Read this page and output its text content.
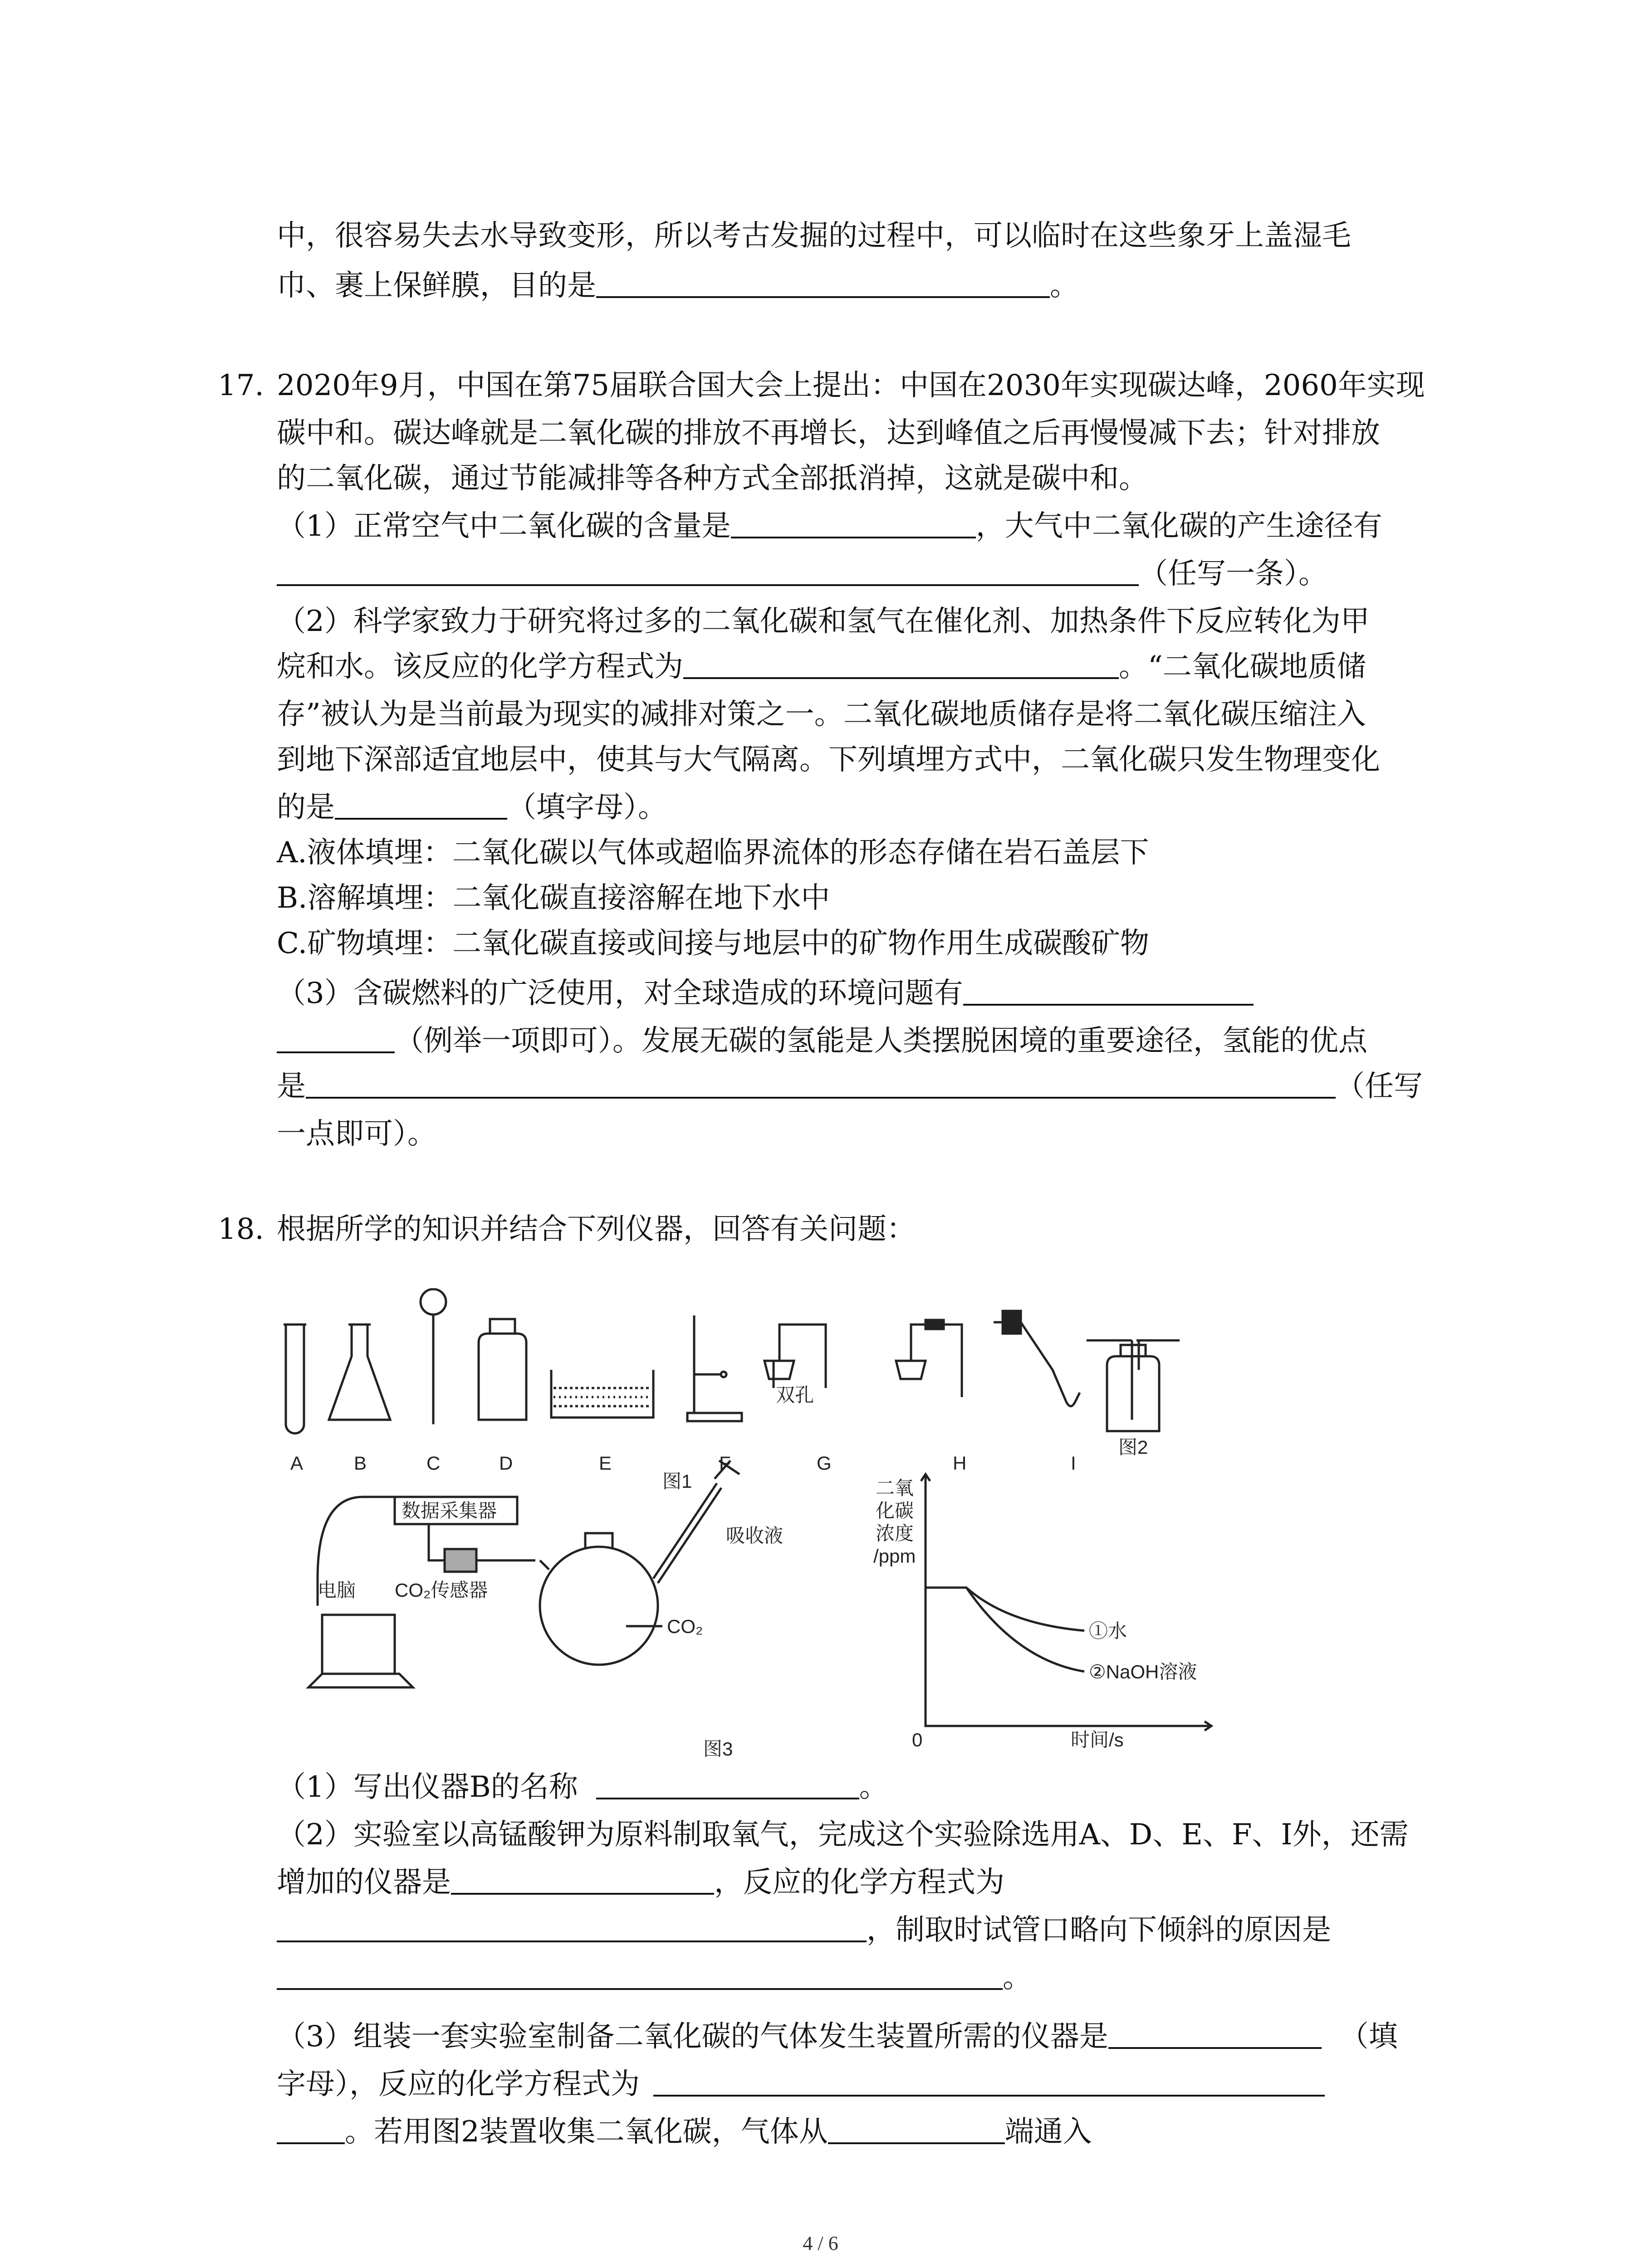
中，很容易失去水导致变形，所以考古发掘的过程中，可以临时在这些象牙上盖湿毛
巾、裹上保鲜膜，目的是	。
17. 2020年9月，中国在第75届联合国大会上提出：中国在2030年实现碳达峰，2060年实现
碳中和。碳达峰就是二氧化碳的排放不再增长，达到峰值之后再慢慢减下去；针对排放
的二氧化碳，通过节能减排等各种方式全部抵消掉，这就是碳中和。
（1）正常空气中二氧化碳的含量是	，大气中二氧化碳的产生途径有
（任写一条）。
（2）科学家致力于研究将过多的二氧化碳和氢气在催化剂、加热条件下反应转化为甲
烷和水。该反应的化学方程式为	。“二氧化碳地质储
存”被认为是当前最为现实的减排对策之一。二氧化碳地质储存是将二氧化碳压缩注入
到地下深部适宜地层中，使其与大气隔离。下列填埋方式中，二氧化碳只发生物理变化
的是	（填字母）。
A.液体填埋：二氧化碳以气体或超临界流体的形态存储在岩石盖层下
B.溶解填埋：二氧化碳直接溶解在地下水中
C.矿物填埋：二氧化碳直接或间接与地层中的矿物作用生成碳酸矿物
（3）含碳燃料的广泛使用，对全球造成的环境问题有
（例举一项即可）。发展无碳的氢能是人类摆脱困境的重要途径，氢能的优点
是	（任写
一点即可）。
18. 根据所学的知识并结合下列仪器，回答有关问题：
A	B	C	D	E	F	G	H	I
双孔
图2
图1
数据采集器
吸收液
电脑 CO₂传感器
CO₂
图3
二氧
化碳
浓度
/ppm
0	时间/s
①水
②NaOH溶液
（1）写出仪器B的名称	。
（2）实验室以高锰酸钾为原料制取氧气，完成这个实验除选用A、D、E、F、I外，还需
增加的仪器是	，反应的化学方程式为
，制取时试管口略向下倾斜的原因是
。
（3）组装一套实验室制备二氧化碳的气体发生装置所需的仪器是	（填
字母），反应的化学方程式为
。若用图2装置收集二氧化碳，气体从	端通入
4 / 6
